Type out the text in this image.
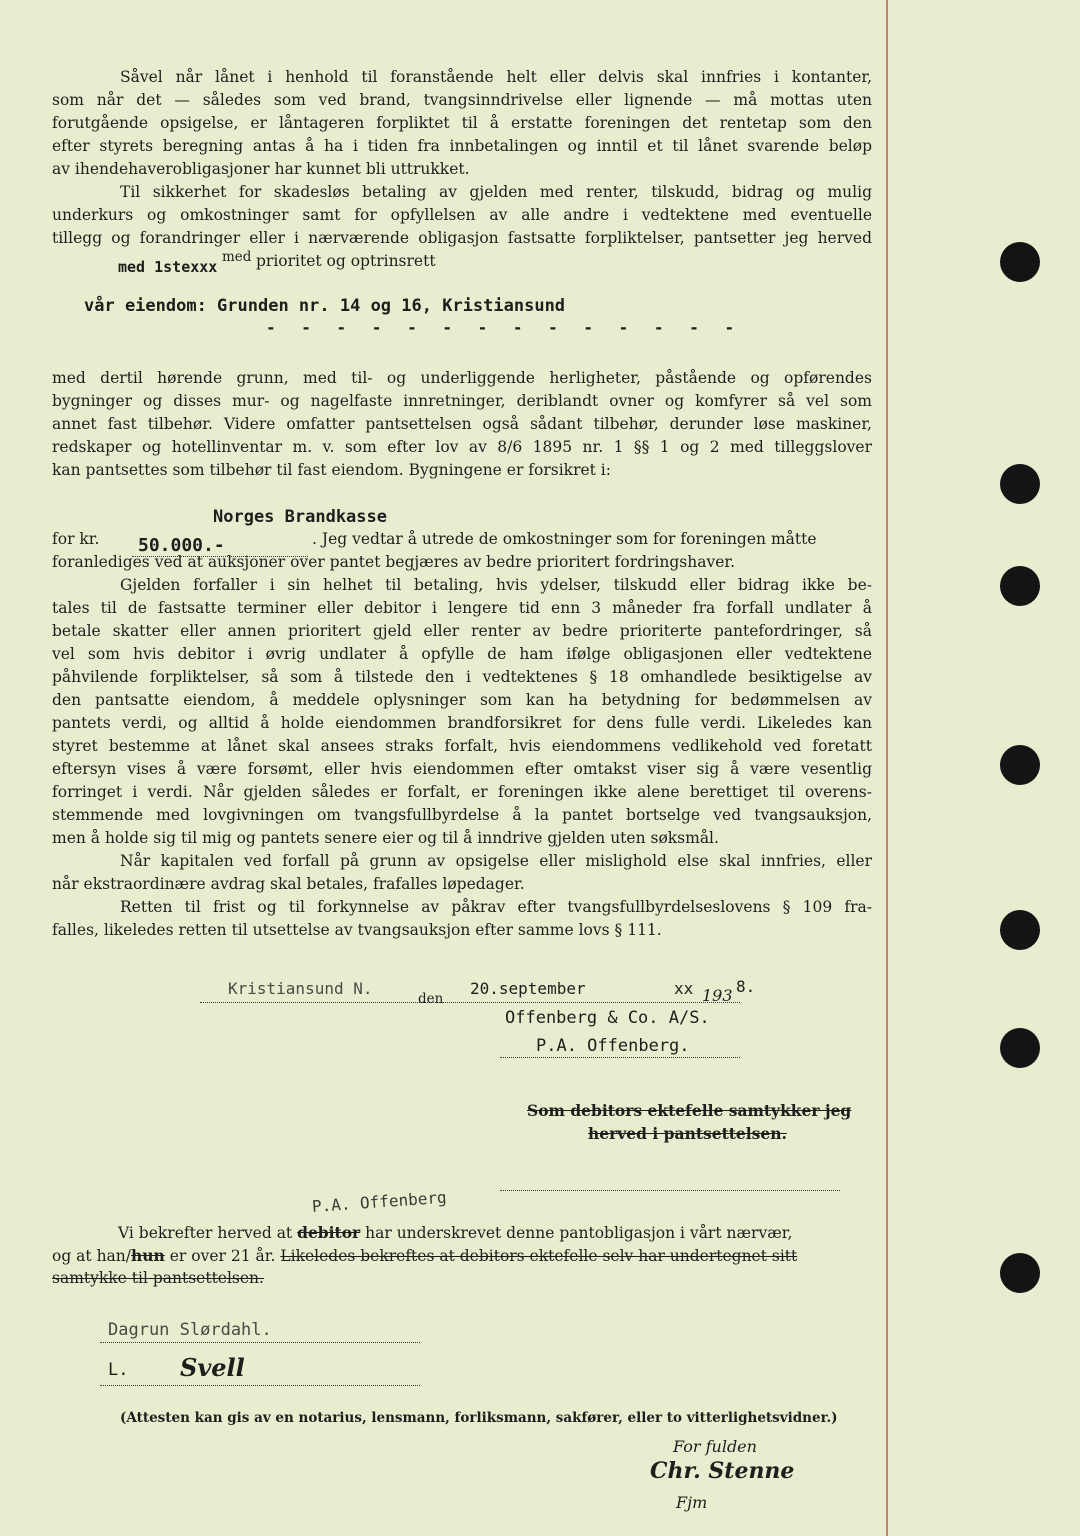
Såvel når lånet i henhold til foranstående helt eller delvis skal innfries i kontanter,
som når det — således som ved brand, tvangsinndrivelse eller lignende — må mottas uten
forutgående opsigelse, er låntageren forpliktet til å erstatte foreningen det rentetap som den
efter styrets beregning antas å ha i tiden fra innbetalingen og inntil et til lånet svarende beløp
av ihendehaverobligasjoner har kunnet bli uttrukket.
Til sikkerhet for skadesløs betaling av gjelden med renter, tilskudd, bidrag og mulig
underkurs og omkostninger samt for opfyllelsen av alle andre i vedtektene med eventuelle
tillegg og forandringer eller i nærværende obligasjon fastsatte forpliktelser, pantsetter jeg herved
med 1stexxx
med prioritet og optrinsrett
vår eiendom: Grunden nr. 14 og 16, Kristiansund
- - - - - - - - - - - - - -
med dertil hørende grunn, med til- og underliggende herligheter, påstående og opførendes
bygninger og disses mur- og nagelfaste innretninger, deriblandt ovner og komfyrer så vel som
annet fast tilbehør. Videre omfatter pantsettelsen også sådant tilbehør, derunder løse maskiner,
redskaper og hotellinventar m. v. som efter lov av 8/6 1895 nr. 1 §§ 1 og 2 med tilleggslover
kan pantsettes som tilbehør til fast eiendom. Bygningene er forsikret i:
Norges Brandkasse
for kr. 50.000.-	. Jeg vedtar å utrede de omkostninger som for foreningen måtte
foranlediges ved at auksjoner over pantet begjæres av bedre prioritert fordringshaver.
Gjelden forfaller i sin helhet til betaling, hvis ydelser, tilskudd eller bidrag ikke be-
tales til de fastsatte terminer eller debitor i lengere tid enn 3 måneder fra forfall undlater å
betale skatter eller annen prioritert gjeld eller renter av bedre prioriterte pantefordringer, så
vel som hvis debitor i øvrig undlater å opfylle de ham ifølge obligasjonen eller vedtektene
påhvilende forpliktelser, så som å tilstede den i vedtektenes § 18 omhandlede besiktigelse av
den pantsatte eiendom, å meddele oplysninger som kan ha betydning for bedømmelsen av
pantets verdi, og alltid å holde eiendommen brandforsikret for dens fulle verdi. Likeledes kan
styret bestemme at lånet skal ansees straks forfalt, hvis eiendommens vedlikehold ved foretatt
eftersyn vises å være forsømt, eller hvis eiendommen efter omtakst viser sig å være vesentlig
forringet i verdi. Når gjelden således er forfalt, er foreningen ikke alene berettiget til overens-
stemmende med lovgivningen om tvangsfullbyrdelse å la pantet bortselge ved tvangsauksjon,
men å holde sig til mig og pantets senere eier og til å inndrive gjelden uten søksmål.
Når kapitalen ved forfall på grunn av opsigelse eller mislighold else skal innfries, eller
når ekstraordinære avdrag skal betales, frafalles løpedager.
Retten til frist og til forkynnelse av påkrav efter tvangsfullbyrdelseslovens § 109 fra-
falles, likeledes retten til utsettelse av tvangsauksjon efter samme lovs § 111.
Kristiansund N.
den
20.september	xx 193 8.
Offenberg & Co. A/S.
P.A. Offenberg.
Som debitors ektefelle samtykker jeg
herved i pantsettelsen.
P.A. Offenberg
Vi bekrefter herved at debitor har underskrevet denne pantobligasjon i vårt nærvær,
og at han/hun er over 21 år. Likeledes bekreftes at debitors ektefelle selv har undertegnet sitt
samtykke til pantsettelsen.
Dagrun Slørdahl.
L. Svell
(Attesten kan gis av en notarius, lensmann, forliksmann, sakfører, eller to vitterlighetsvidner.)
For fulden
Chr. Stenne
Fjm
